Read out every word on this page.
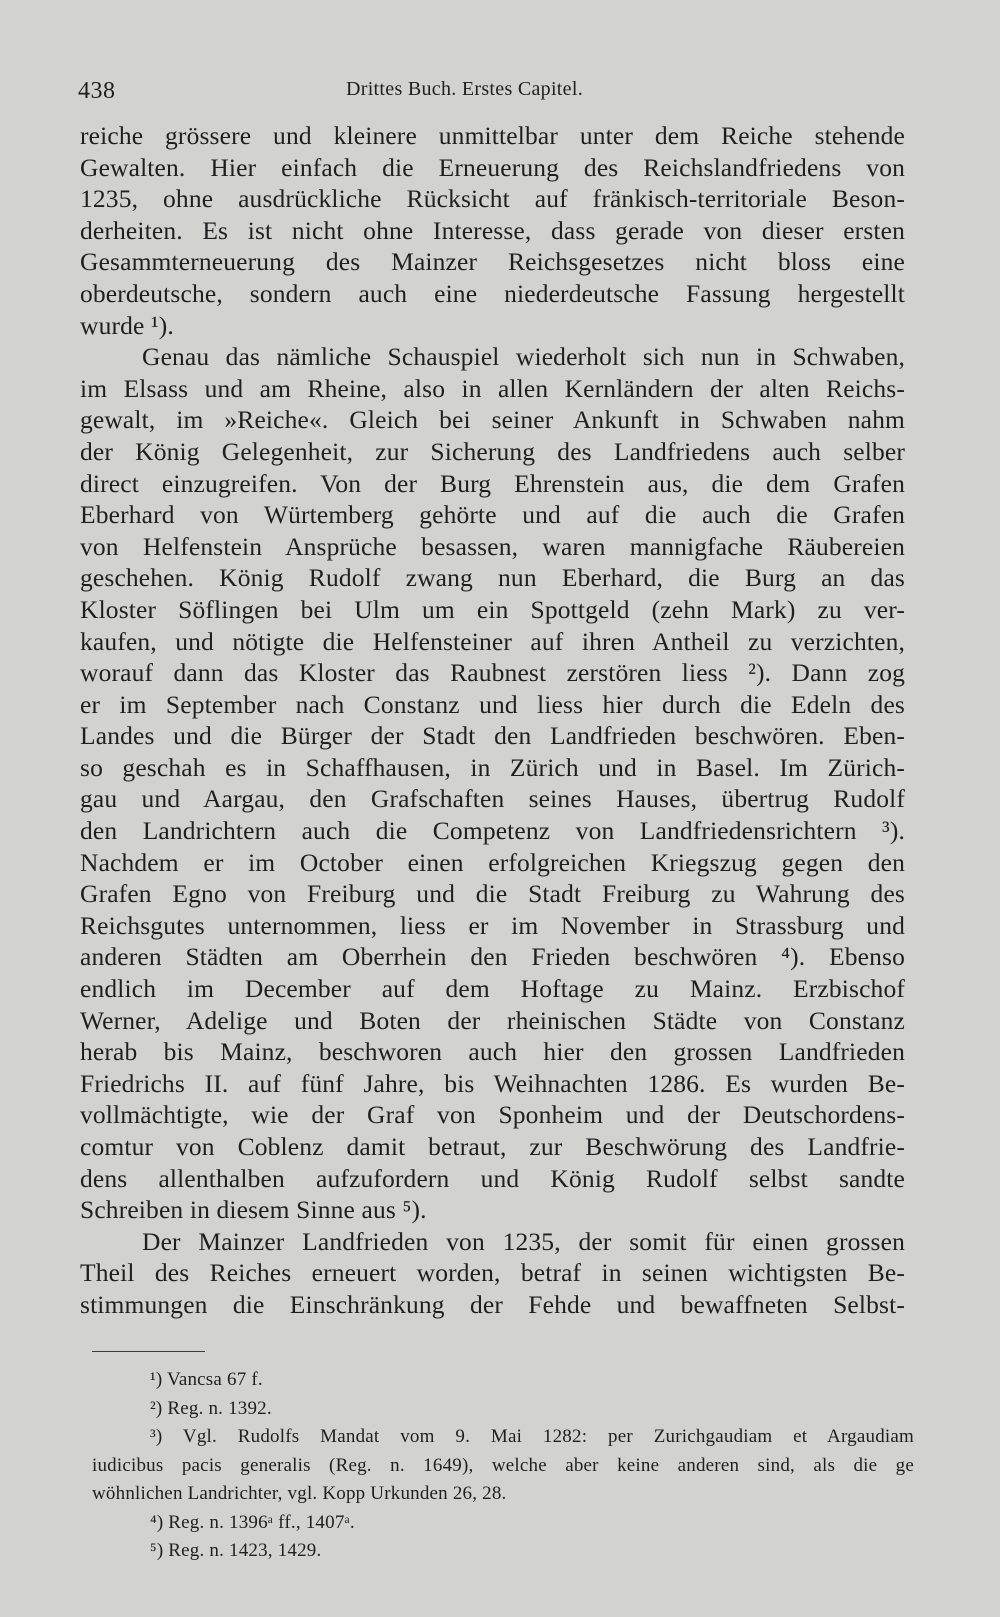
438	Drittes Buch. Erstes Capitel.
reiche grössere und kleinere unmittelbar unter dem Reiche stehende
Gewalten. Hier einfach die Erneuerung des Reichslandfriedens von
1235, ohne ausdrückliche Rücksicht auf fränkisch-territoriale Beson-
derheiten. Es ist nicht ohne Interesse, dass gerade von dieser ersten
Gesammterneuerung des Mainzer Reichsgesetzes nicht bloss eine
oberdeutsche, sondern auch eine niederdeutsche Fassung hergestellt
wurde ¹).
Genau das nämliche Schauspiel wiederholt sich nun in Schwaben,
im Elsass und am Rheine, also in allen Kernländern der alten Reichs-
gewalt, im »Reiche«. Gleich bei seiner Ankunft in Schwaben nahm
der König Gelegenheit, zur Sicherung des Landfriedens auch selber
direct einzugreifen. Von der Burg Ehrenstein aus, die dem Grafen
Eberhard von Würtemberg gehörte und auf die auch die Grafen
von Helfenstein Ansprüche besassen, waren mannigfache Räubereien
geschehen. König Rudolf zwang nun Eberhard, die Burg an das
Kloster Söflingen bei Ulm um ein Spottgeld (zehn Mark) zu ver-
kaufen, und nötigte die Helfensteiner auf ihren Antheil zu verzichten,
worauf dann das Kloster das Raubnest zerstören liess ²). Dann zog
er im September nach Constanz und liess hier durch die Edeln des
Landes und die Bürger der Stadt den Landfrieden beschwören. Eben-
so geschah es in Schaffhausen, in Zürich und in Basel. Im Zürich-
gau und Aargau, den Grafschaften seines Hauses, übertrug Rudolf
den Landrichtern auch die Competenz von Landfriedensrichtern ³).
Nachdem er im October einen erfolgreichen Kriegszug gegen den
Grafen Egno von Freiburg und die Stadt Freiburg zu Wahrung des
Reichsgutes unternommen, liess er im November in Strassburg und
anderen Städten am Oberrhein den Frieden beschwören ⁴). Ebenso
endlich im December auf dem Hoftage zu Mainz. Erzbischof
Werner, Adelige und Boten der rheinischen Städte von Constanz
herab bis Mainz, beschworen auch hier den grossen Landfrieden
Friedrichs II. auf fünf Jahre, bis Weihnachten 1286. Es wurden Be-
vollmächtigte, wie der Graf von Sponheim und der Deutschordens-
comtur von Coblenz damit betraut, zur Beschwörung des Landfrie-
dens allenthalben aufzufordern und König Rudolf selbst sandte
Schreiben in diesem Sinne aus ⁵).
Der Mainzer Landfrieden von 1235, der somit für einen grossen
Theil des Reiches erneuert worden, betraf in seinen wichtigsten Be-
stimmungen die Einschränkung der Fehde und bewaffneten Selbst-
¹) Vancsa 67 f.
²) Reg. n. 1392.
³) Vgl. Rudolfs Mandat vom 9. Mai 1282: per Zurichgaudiam et Argaudiam
iudicibus pacis generalis (Reg. n. 1649), welche aber keine anderen sind, als die ge
wöhnlichen Landrichter, vgl. Kopp Urkunden 26, 28.
⁴) Reg. n. 1396ᵃ ff., 1407ᵃ.
⁵) Reg. n. 1423, 1429.
